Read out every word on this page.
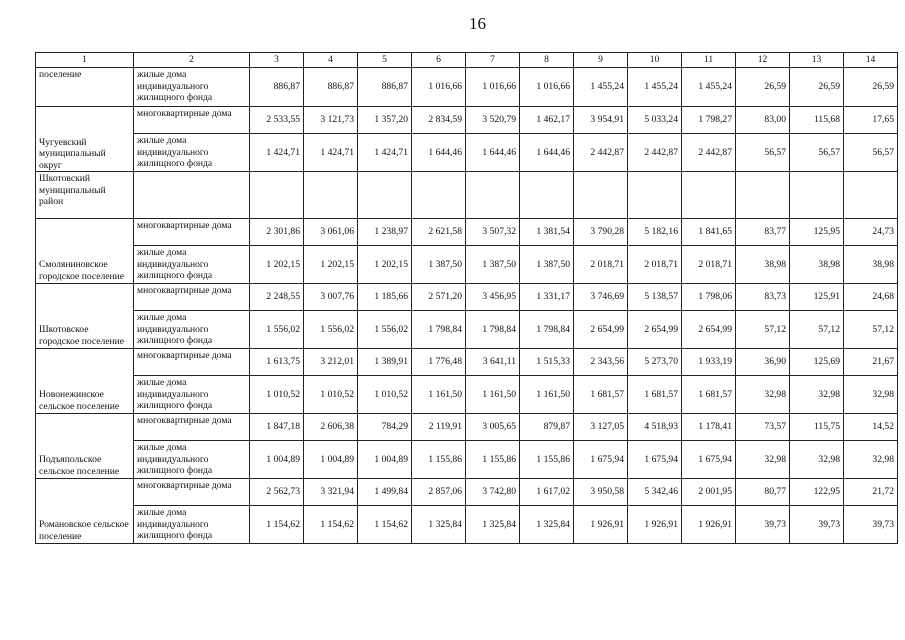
16
1	2	3	4	5	6	7	8	9	10	11	12	13	14
поселение	жилые дома индивидуального жилищного фонда	886,87	886,87	886,87	1 016,66	1 016,66	1 016,66	1 455,24	1 455,24	1 455,24	26,59	26,59	26,59
Чугуевский муниципальный округ	многоквартирные дома	2 533,55	3 121,73	1 357,20	2 834,59	3 520,79	1 462,17	3 954,91	5 033,24	1 798,27	83,00	115,68	17,65
	жилые дома индивидуального жилищного фонда	1 424,71	1 424,71	1 424,71	1 644,46	1 644,46	1 644,46	2 442,87	2 442,87	2 442,87	56,57	56,57	56,57
Шкотовский муниципальный район													
Смоляниновское городское поселение	многоквартирные дома	2 301,86	3 061,06	1 238,97	2 621,58	3 507,32	1 381,54	3 790,28	5 182,16	1 841,65	83,77	125,95	24,73
	жилые дома индивидуального жилищного фонда	1 202,15	1 202,15	1 202,15	1 387,50	1 387,50	1 387,50	2 018,71	2 018,71	2 018,71	38,98	38,98	38,98
Шкотовское городское поселение	многоквартирные дома	2 248,55	3 007,76	1 185,66	2 571,20	3 456,95	1 331,17	3 746,69	5 138,57	1 798,06	83,73	125,91	24,68
	жилые дома индивидуального жилищного фонда	1 556,02	1 556,02	1 556,02	1 798,84	1 798,84	1 798,84	2 654,99	2 654,99	2 654,99	57,12	57,12	57,12
Новонежинское сельское поселение	многоквартирные дома	1 613,75	3 212,01	1 389,91	1 776,48	3 641,11	1 515,33	2 343,56	5 273,70	1 933,19	36,90	125,69	21,67
	жилые дома индивидуального жилищного фонда	1 010,52	1 010,52	1 010,52	1 161,50	1 161,50	1 161,50	1 681,57	1 681,57	1 681,57	32,98	32,98	32,98
Подъяпольское сельское поселение	многоквартирные дома	1 847,18	2 606,38	784,29	2 119,91	3 005,65	879,87	3 127,05	4 518,93	1 178,41	73,57	115,75	14,52
	жилые дома индивидуального жилищного фонда	1 004,89	1 004,89	1 004,89	1 155,86	1 155,86	1 155,86	1 675,94	1 675,94	1 675,94	32,98	32,98	32,98
Романовское сельское поселение	многоквартирные дома	2 562,73	3 321,94	1 499,84	2 857,06	3 742,80	1 617,02	3 950,58	5 342,46	2 001,95	80,77	122,95	21,72
	жилые дома индивидуального жилищного фонда	1 154,62	1 154,62	1 154,62	1 325,84	1 325,84	1 325,84	1 926,91	1 926,91	1 926,91	39,73	39,73	39,73
